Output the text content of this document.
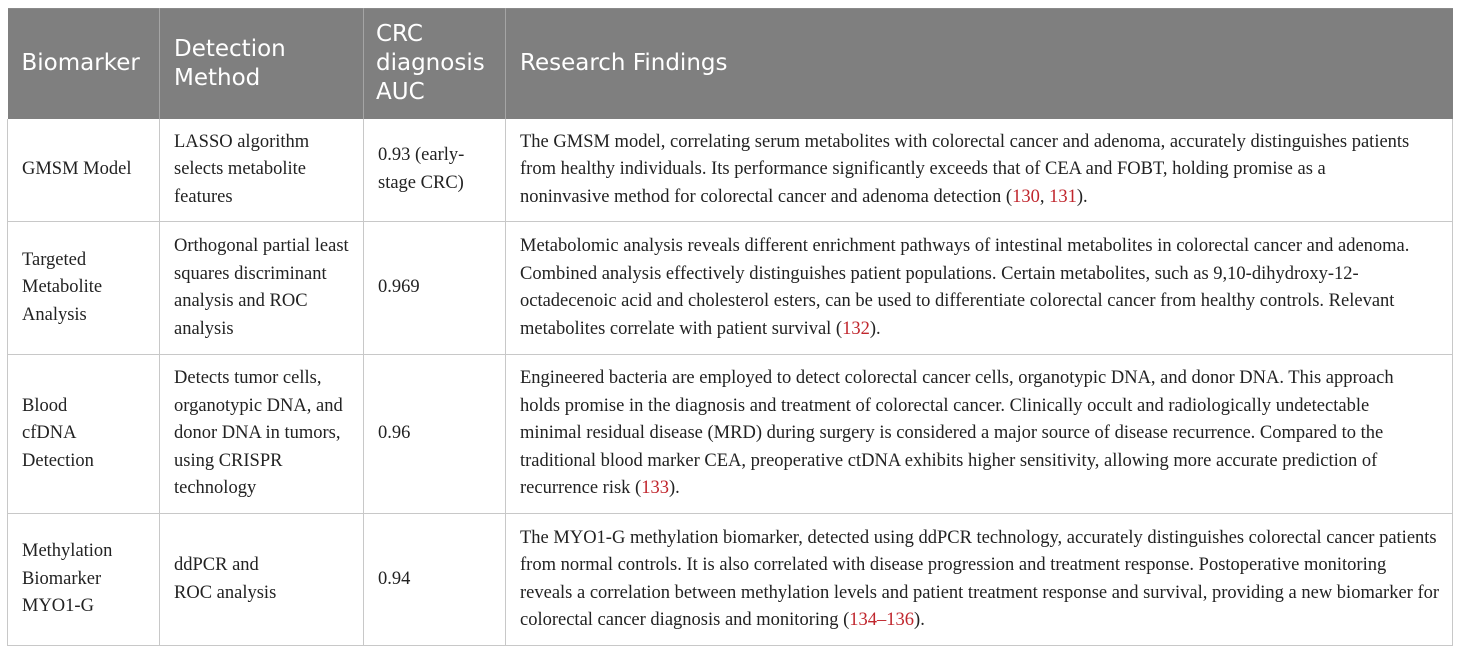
Biomarker	Detection Method	CRC diagnosis AUC	Research Findings
GMSM Model	LASSO algorithm selects metabolite features	0.93 (early-stage CRC)	The GMSM model, correlating serum metabolites with colorectal cancer and adenoma, accurately distinguishes patients from healthy individuals. Its performance significantly exceeds that of CEA and FOBT, holding promise as a noninvasive method for colorectal cancer and adenoma detection (130, 131).
Targeted Metabolite Analysis	Orthogonal partial least squares discriminant analysis and ROC analysis	0.969	Metabolomic analysis reveals different enrichment pathways of intestinal metabolites in colorectal cancer and adenoma. Combined analysis effectively distinguishes patient populations. Certain metabolites, such as 9,10-dihydroxy-12-octadecenoic acid and cholesterol esters, can be used to differentiate colorectal cancer from healthy controls. Relevant metabolites correlate with patient survival (132).
Blood cfDNA Detection	Detects tumor cells, organotypic DNA, and donor DNA in tumors, using CRISPR technology	0.96	Engineered bacteria are employed to detect colorectal cancer cells, organotypic DNA, and donor DNA. This approach holds promise in the diagnosis and treatment of colorectal cancer. Clinically occult and radiologically undetectable minimal residual disease (MRD) during surgery is considered a major source of disease recurrence. Compared to the traditional blood marker CEA, preoperative ctDNA exhibits higher sensitivity, allowing more accurate prediction of recurrence risk (133).
Methylation Biomarker MYO1-G	ddPCR and ROC analysis	0.94	The MYO1-G methylation biomarker, detected using ddPCR technology, accurately distinguishes colorectal cancer patients from normal controls. It is also correlated with disease progression and treatment response. Postoperative monitoring reveals a correlation between methylation levels and patient treatment response and survival, providing a new biomarker for colorectal cancer diagnosis and monitoring (134–136).
